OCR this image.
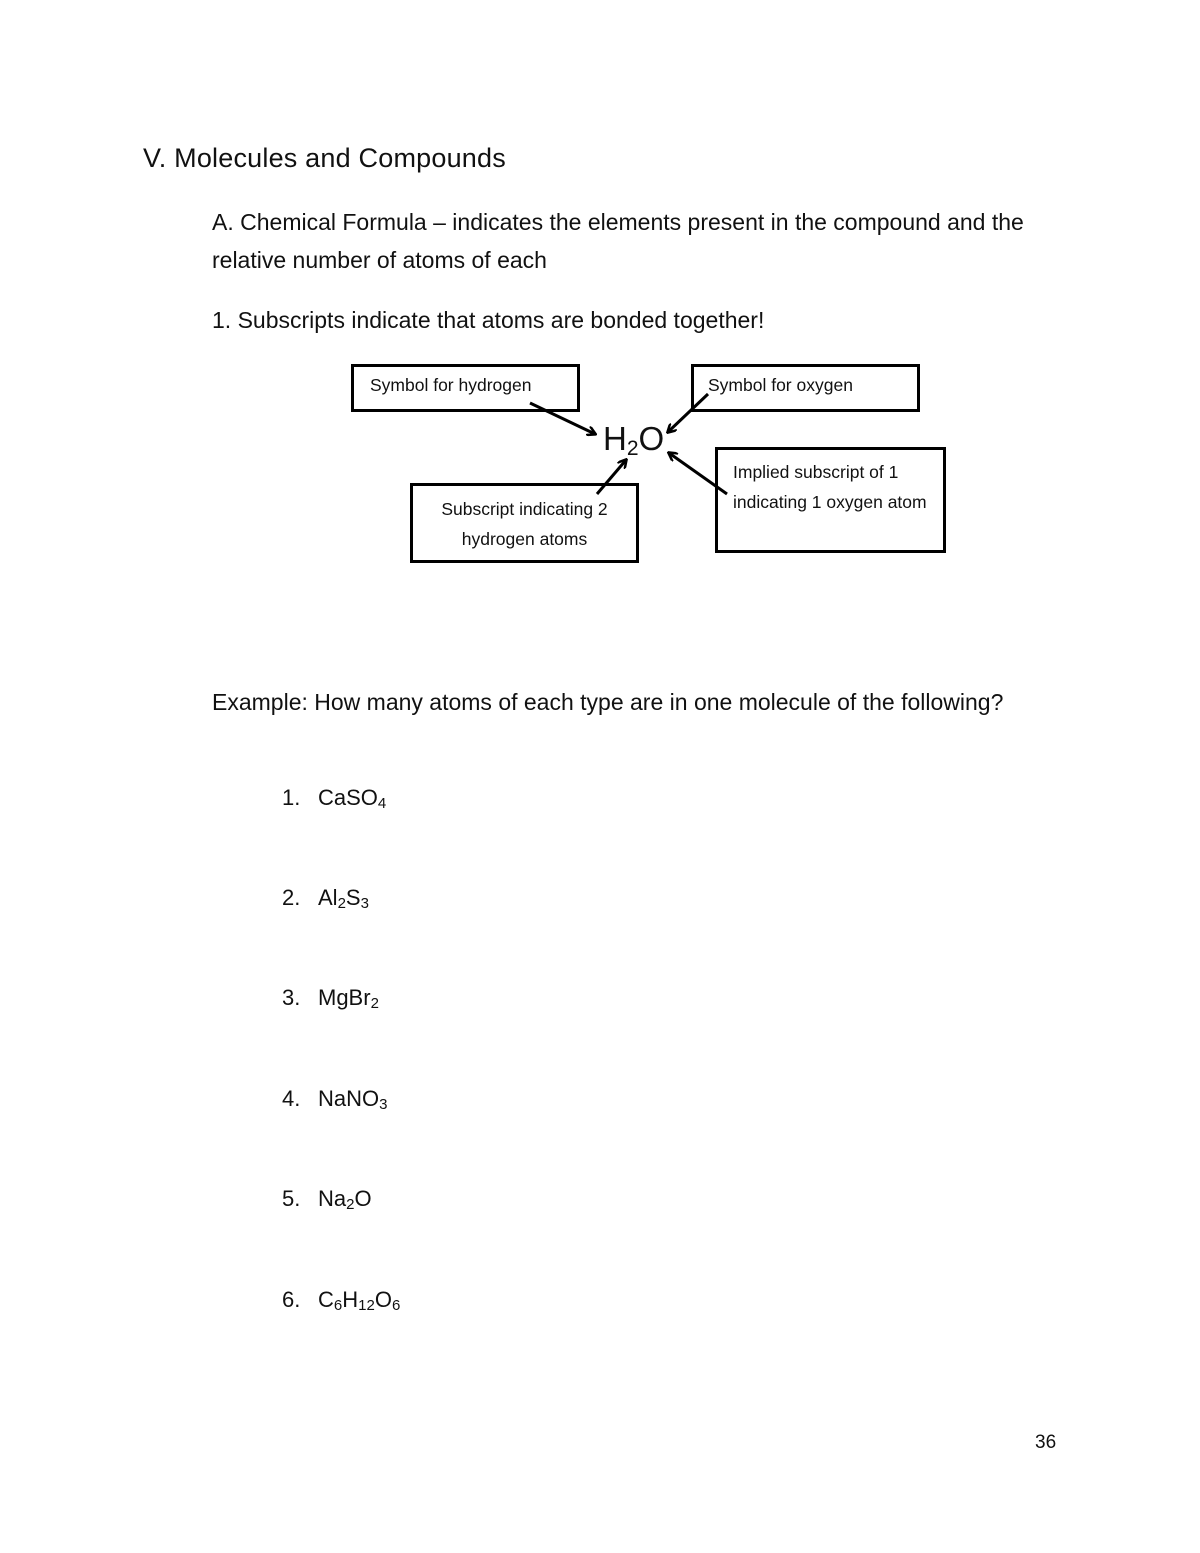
V. Molecules and Compounds
A. Chemical Formula – indicates the elements present in the compound and the relative number of atoms of each
1. Subscripts indicate that atoms are bonded together!
Symbol for hydrogen	Symbol for oxygen
Subscript indicating 2 hydrogen atoms
Implied subscript of 1 indicating 1 oxygen atom
$H_2O$
Example: How many atoms of each type are in one molecule of the following?
1. CaSO$_4$
2. $Al_2S_3$
3. MgBr$_2$
4. NaNO$_3$
5. $Na_2O$
6. $C_6H_{12}O_6$
36
